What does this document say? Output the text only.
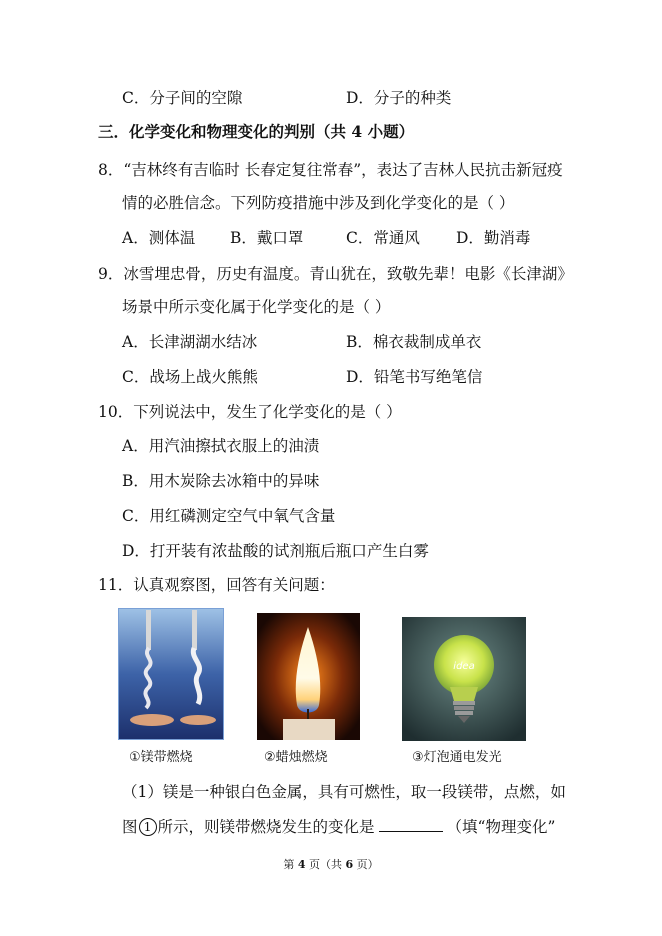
C．分子间的空隙	D．分子的种类
三．化学变化和物理变化的判别（共 4 小题）
8．“吉林终有吉临时 长春定复往常春”，表达了吉林人民抗击新冠疫
情的必胜信念。下列防疫措施中涉及到化学变化的是（ ）
A．测体温 B．戴口罩	C．常通风 D．勤消毒
9．冰雪埋忠骨，历史有温度。青山犹在，致敬先辈！电影《长津湖》
场景中所示变化属于化学变化的是（ ）
A．长津湖湖水结冰	B．棉衣裁制成单衣
C．战场上战火熊熊	D．铅笔书写绝笔信
10．下列说法中，发生了化学变化的是（ ）
A．用汽油擦拭衣服上的油渍
B．用木炭除去冰箱中的异味
C．用红磷测定空气中氧气含量
D．打开装有浓盐酸的试剂瓶后瓶口产生白雾
11．认真观察图，回答有关问题：
idea
①镁带燃烧	②蜡烛燃烧	③灯泡通电发光
（1）镁是一种银白色金属，具有可燃性，取一段镁带，点燃，如
图 1 所示，则镁带燃烧发生的变化是	（填“物理变化”
第 4 页（共 6 页）
